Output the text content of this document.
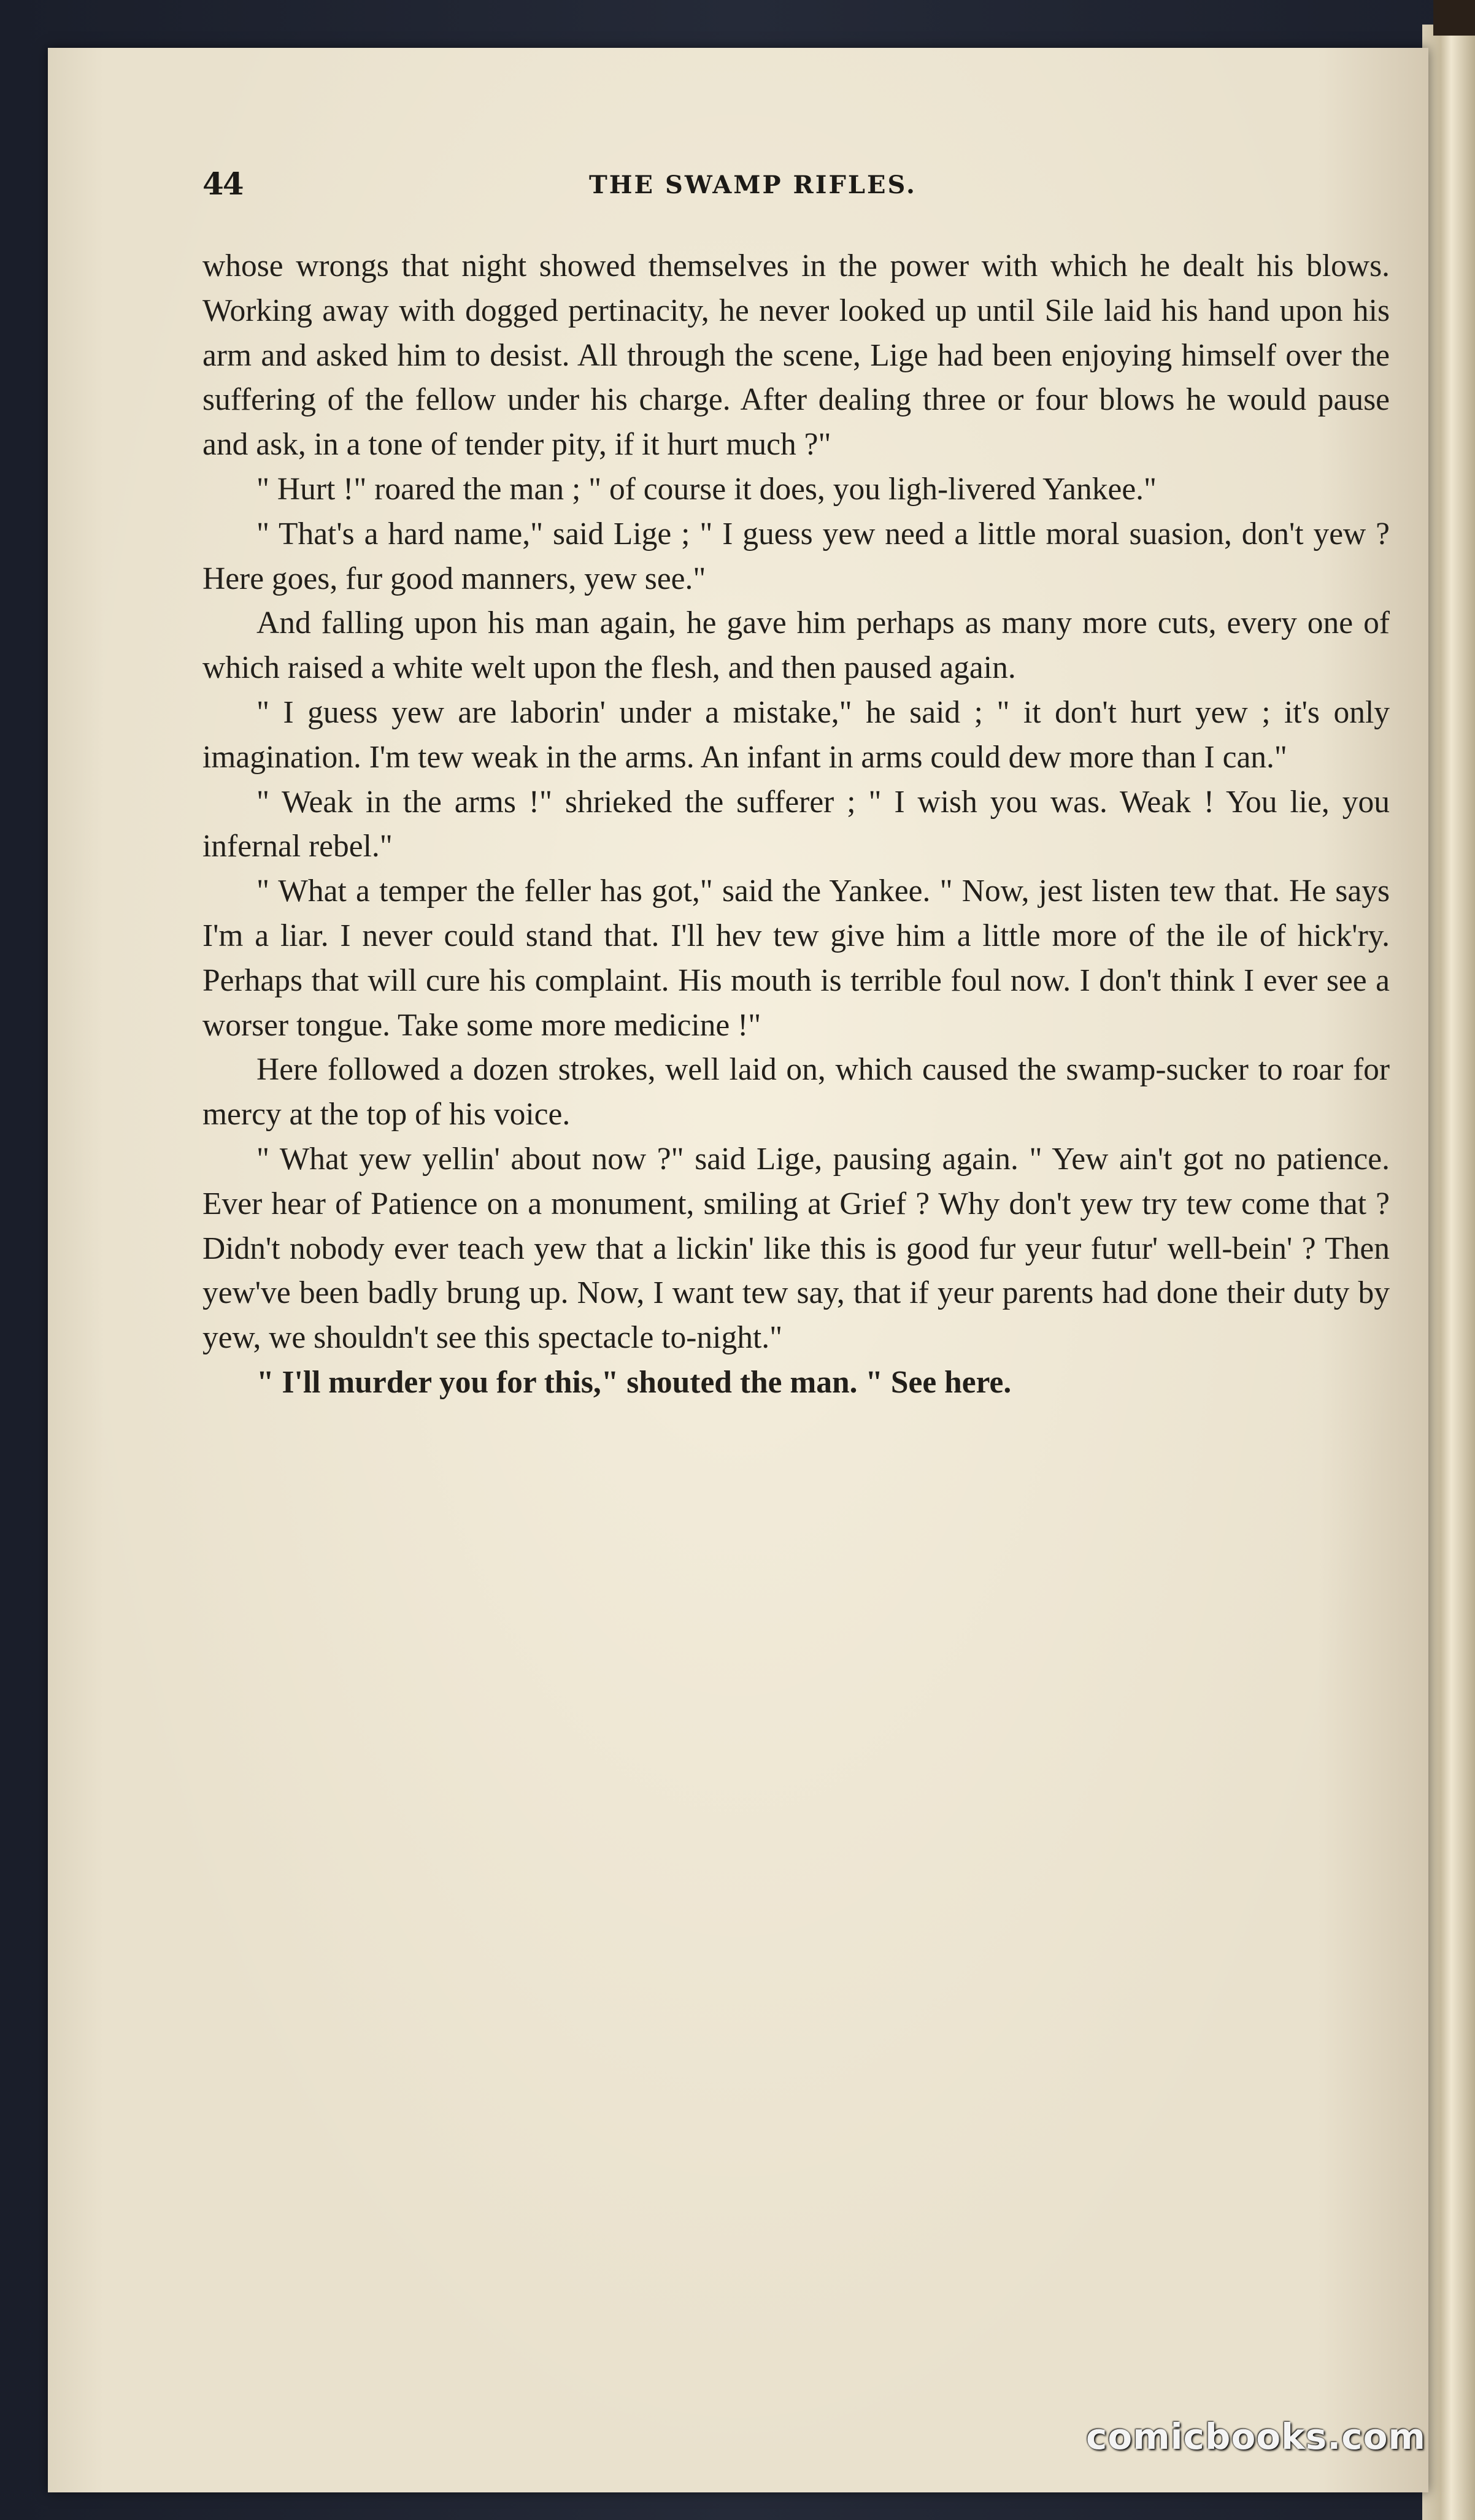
44	THE SWAMP RIFLES.

whose wrongs that night showed themselves in the power with which he dealt his blows. Working away with dogged pertinacity, he never looked up until Sile laid his hand upon his arm and asked him to desist. All through the scene, Lige had been enjoying himself over the suffering of the fellow under his charge. After dealing three or four blows he would pause and ask, in a tone of tender pity, if it hurt much ?"

" Hurt !" roared the man ; " of course it does, you ligh-livered Yankee."

" That's a hard name," said Lige ; " I guess yew need a little moral suasion, don't yew ? Here goes, fur good manners, yew see."

And falling upon his man again, he gave him perhaps as many more cuts, every one of which raised a white welt upon the flesh, and then paused again.

" I guess yew are laborin' under a mistake," he said ; " it don't hurt yew ; it's only imagination. I'm tew weak in the arms. An infant in arms could dew more than I can."

" Weak in the arms !" shrieked the sufferer ; " I wish you was. Weak ! You lie, you infernal rebel."

" What a temper the feller has got," said the Yankee. " Now, jest listen tew that. He says I'm a liar. I never could stand that. I'll hev tew give him a little more of the ile of hick'ry. Perhaps that will cure his complaint. His mouth is terrible foul now. I don't think I ever see a worser tongue. Take some more medicine !"

Here followed a dozen strokes, well laid on, which caused the swamp-sucker to roar for mercy at the top of his voice.

" What yew yellin' about now ?" said Lige, pausing again. " Yew ain't got no patience. Ever hear of Patience on a monument, smiling at Grief ? Why don't yew try tew come that ? Didn't nobody ever teach yew that a lickin' like this is good fur yeur futur' well-bein' ? Then yew've been badly brung up. Now, I want tew say, that if yeur parents had done their duty by yew, we shouldn't see this spectacle to-night."

" I'll murder you for this," shouted the man. " See here.

comicbooks.com
